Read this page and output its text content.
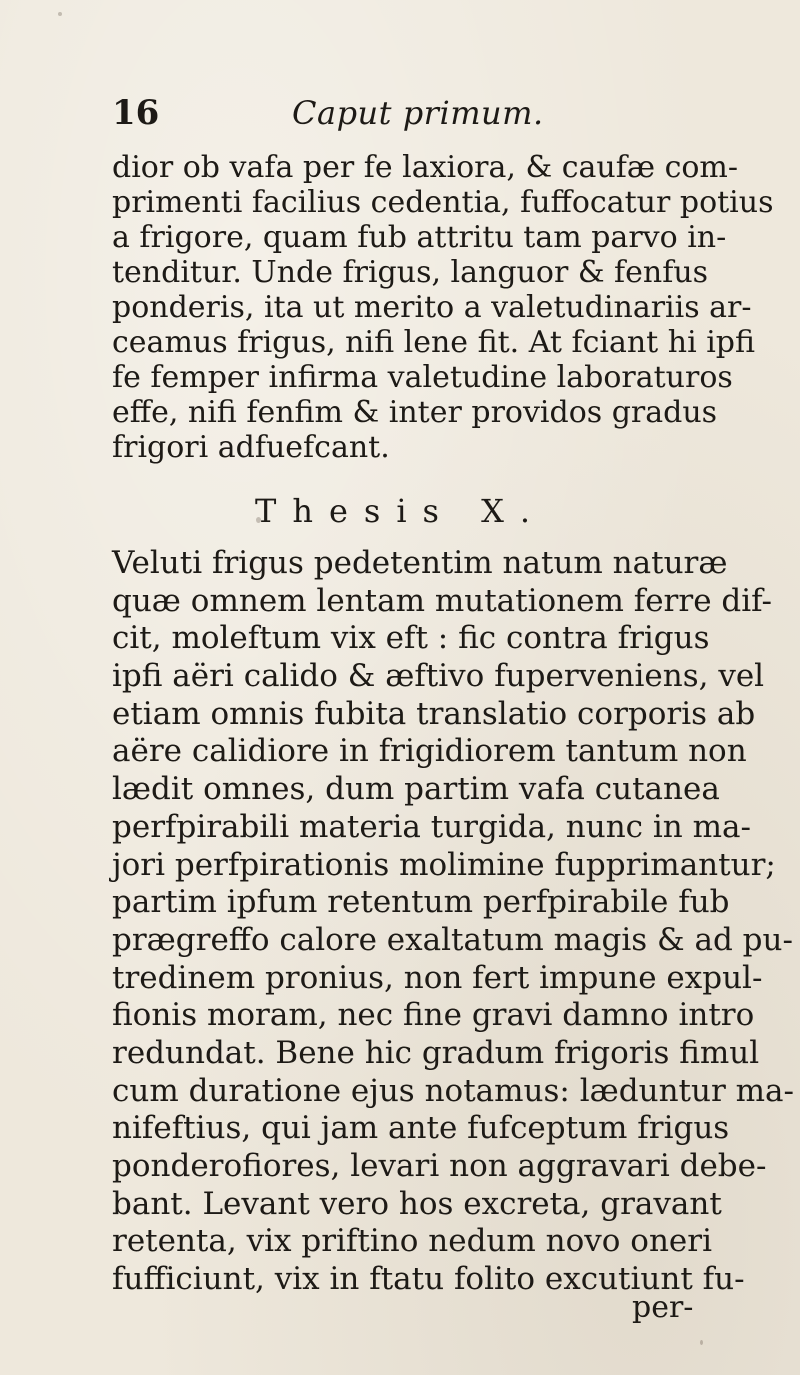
16	Caput primum.
dior ob vafa per fe laxiora, & caufæ com-
primenti facilius cedentia, fuffocatur potius
a frigore, quam fub attritu tam parvo in-
tenditur. Unde frigus, languor & fenfus
ponderis, ita ut merito a valetudinariis ar-
ceamus frigus, nifi lene fit. At fciant hi ipfi
fe femper infirma valetudine laboraturos
effe, nifi fenfim & inter providos gradus
frigori adfuefcant.
Thesis X.
Veluti frigus pedetentim natum naturæ
quæ omnem lentam mutationem ferre dif-
cit, moleftum vix eft : fic contra frigus
ipfi aëri calido & æftivo fuperveniens, vel
etiam omnis fubita translatio corporis ab
aëre calidiore in frigidiorem tantum non
lædit omnes, dum partim vafa cutanea
perfpirabili materia turgida, nunc in ma-
jori perfpirationis molimine fupprimantur;
partim ipfum retentum perfpirabile fub
prægreffo calore exaltatum magis & ad pu-
tredinem pronius, non fert impune expul-
fionis moram, nec fine gravi damno intro
redundat. Bene hic gradum frigoris fimul
cum duratione ejus notamus: læduntur ma-
nifeftius, qui jam ante fufceptum frigus
ponderofiores, levari non aggravari debe-
bant. Levant vero hos excreta, gravant
retenta, vix priftino nedum novo oneri
fufficiunt, vix in ftatu folito excutiunt fu-
per-
